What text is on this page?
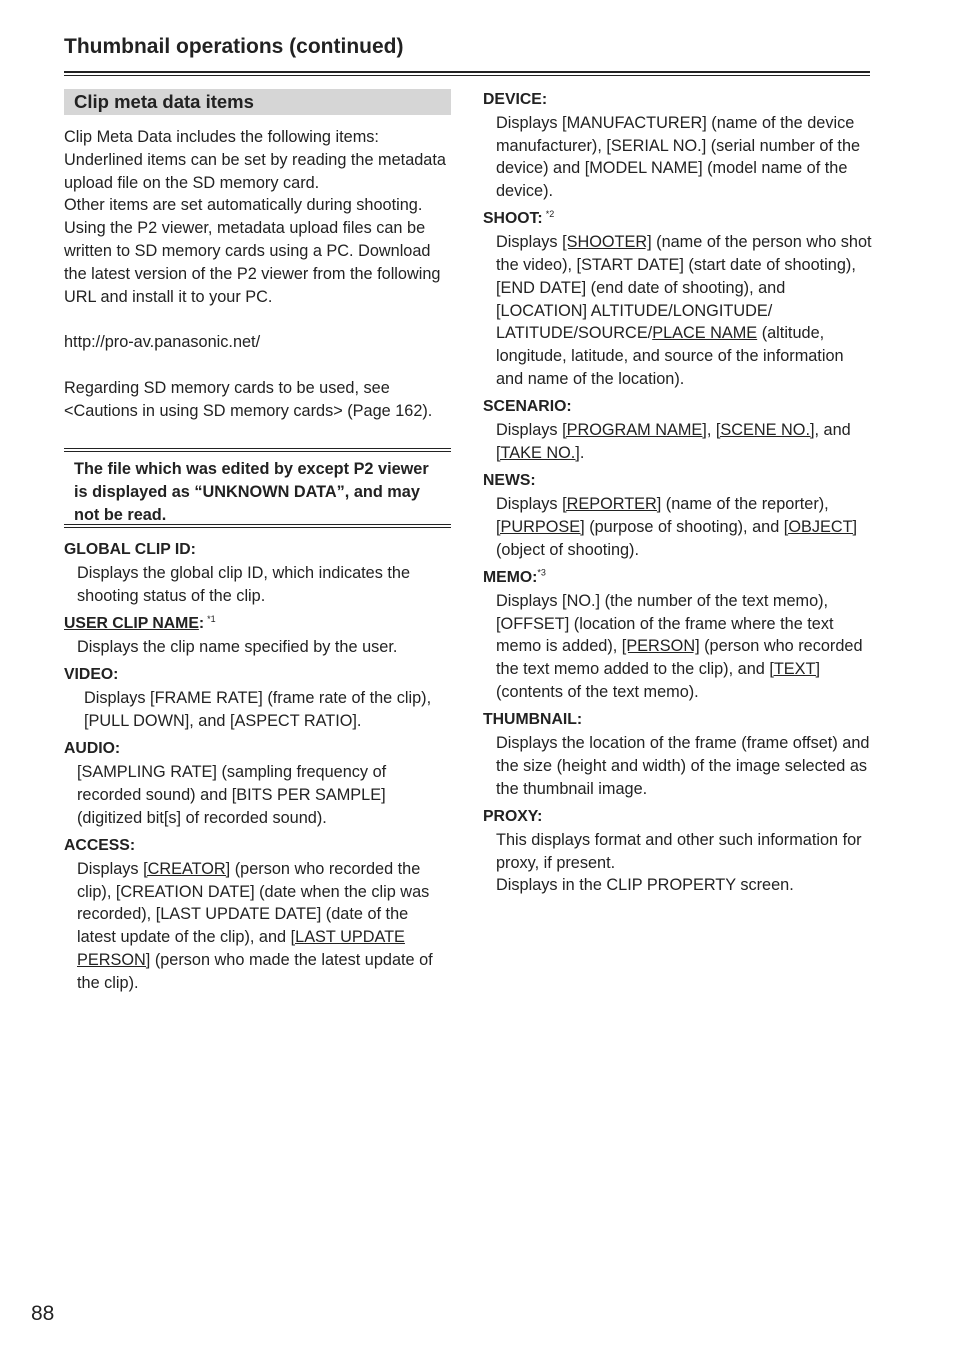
Thumbnail operations (continued)
Clip meta data items

Clip Meta Data includes the following items:
Underlined items can be set by reading the metadata upload file on the SD memory card.
Other items are set automatically during shooting.
Using the P2 viewer, metadata upload files can be written to SD memory cards using a PC. Download the latest version of the P2 viewer from the following URL and install it to your PC.

http://pro-av.panasonic.net/

Regarding SD memory cards to be used, see <Cautions in using SD memory cards> (Page 162).

The file which was edited by except P2 viewer is displayed as “UNKNOWN DATA”, and may not be read.
GLOBAL CLIP ID:

Displays the global clip ID, which indicates the shooting status of the clip.

USER CLIP NAME: $^{*1}$

Displays the clip name specified by the user.

VIDEO:

Displays [FRAME RATE] (frame rate of the clip), [PULL DOWN], and [ASPECT RATIO].

AUDIO:

[SAMPLING RATE] (sampling frequency of recorded sound) and [BITS PER SAMPLE] (digitized bit[s] of recorded sound).

ACCESS:

Displays [CREATOR] (person who recorded the clip), [CREATION DATE] (date when the clip was recorded), [LAST UPDATE DATE] (date of the latest update of the clip), and [LAST UPDATE PERSON] (person who made the latest update of the clip).

DEVICE:

Displays [MANUFACTURER] (name of the device manufacturer), [SERIAL NO.] (serial number of the device) and [MODEL NAME] (model name of the device).

SHOOT: $^{*2}$

Displays [SHOOTER] (name of the person who shot the video), [START DATE] (start date of shooting), [END DATE] (end date of shooting), and [LOCATION] ALTITUDE/LONGITUDE/ LATITUDE/SOURCE/PLACE NAME (altitude, longitude, latitude, and source of the information and name of the location).

SCENARIO:

Displays [PROGRAM NAME], [SCENE NO.], and [TAKE NO.].

NEWS:

Displays [REPORTER] (name of the reporter), [PURPOSE] (purpose of shooting), and [OBJECT] (object of shooting).

MEMO:$^{*3}$

Displays [NO.] (the number of the text memo), [OFFSET] (location of the frame where the text memo is added), [PERSON] (person who recorded the text memo added to the clip), and [TEXT] (contents of the text memo).

THUMBNAIL:

Displays the location of the frame (frame offset) and the size (height and width) of the image selected as the thumbnail image.

PROXY:

This displays format and other such information for proxy, if present.
Displays in the CLIP PROPERTY screen.

88
